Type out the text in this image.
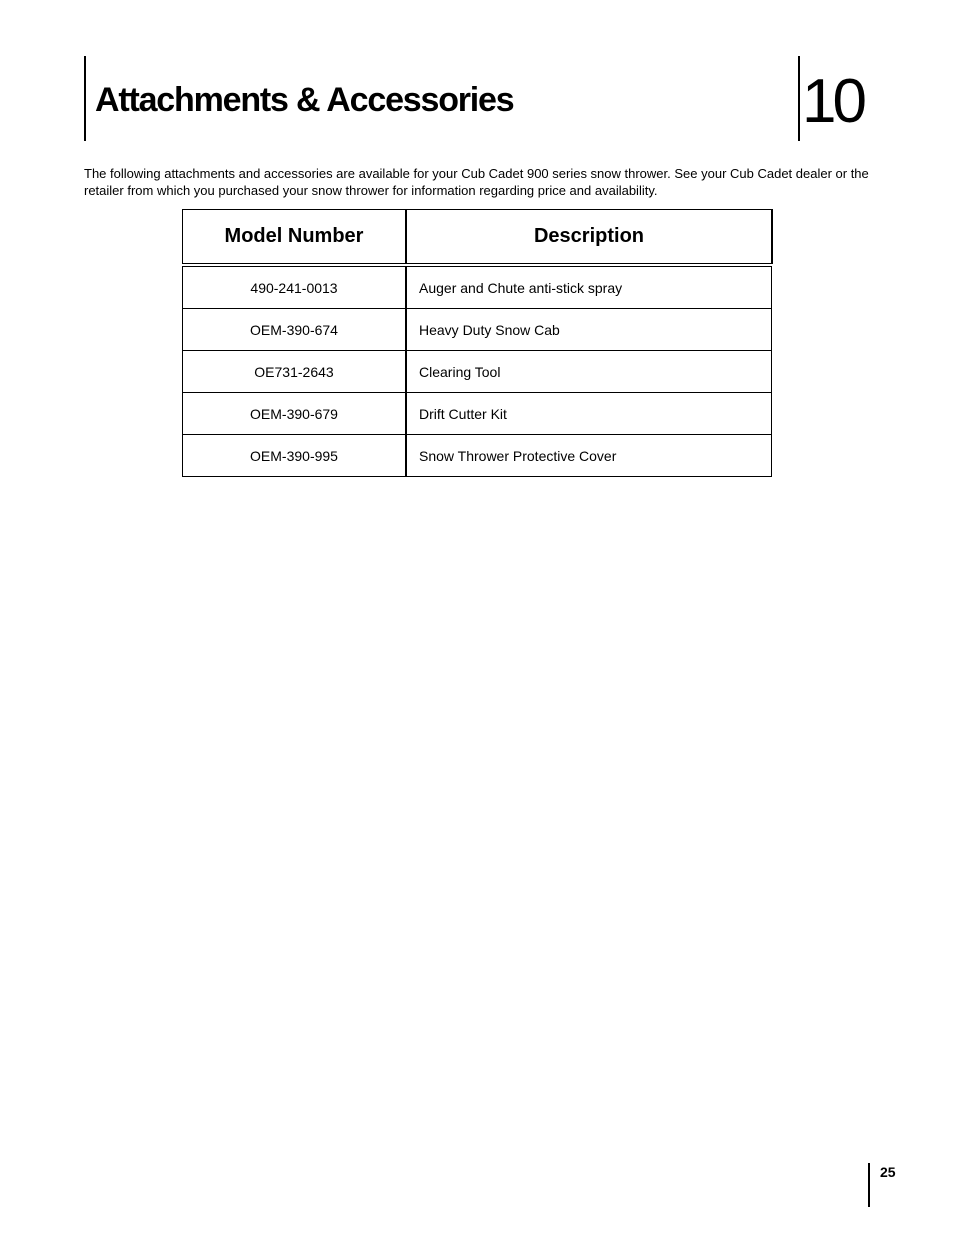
Attachments & Accessories	10

The following attachments and accessories are available for your Cub Cadet 900 series snow thrower. See your Cub Cadet dealer or the retailer from which you purchased your snow thrower for information regarding price and availability.

Model Number	Description
490-241-0013	Auger and Chute anti-stick spray
OEM-390-674	Heavy Duty Snow Cab
OE731-2643	Clearing Tool
OEM-390-679	Drift Cutter Kit
OEM-390-995	Snow Thrower Protective Cover
25
